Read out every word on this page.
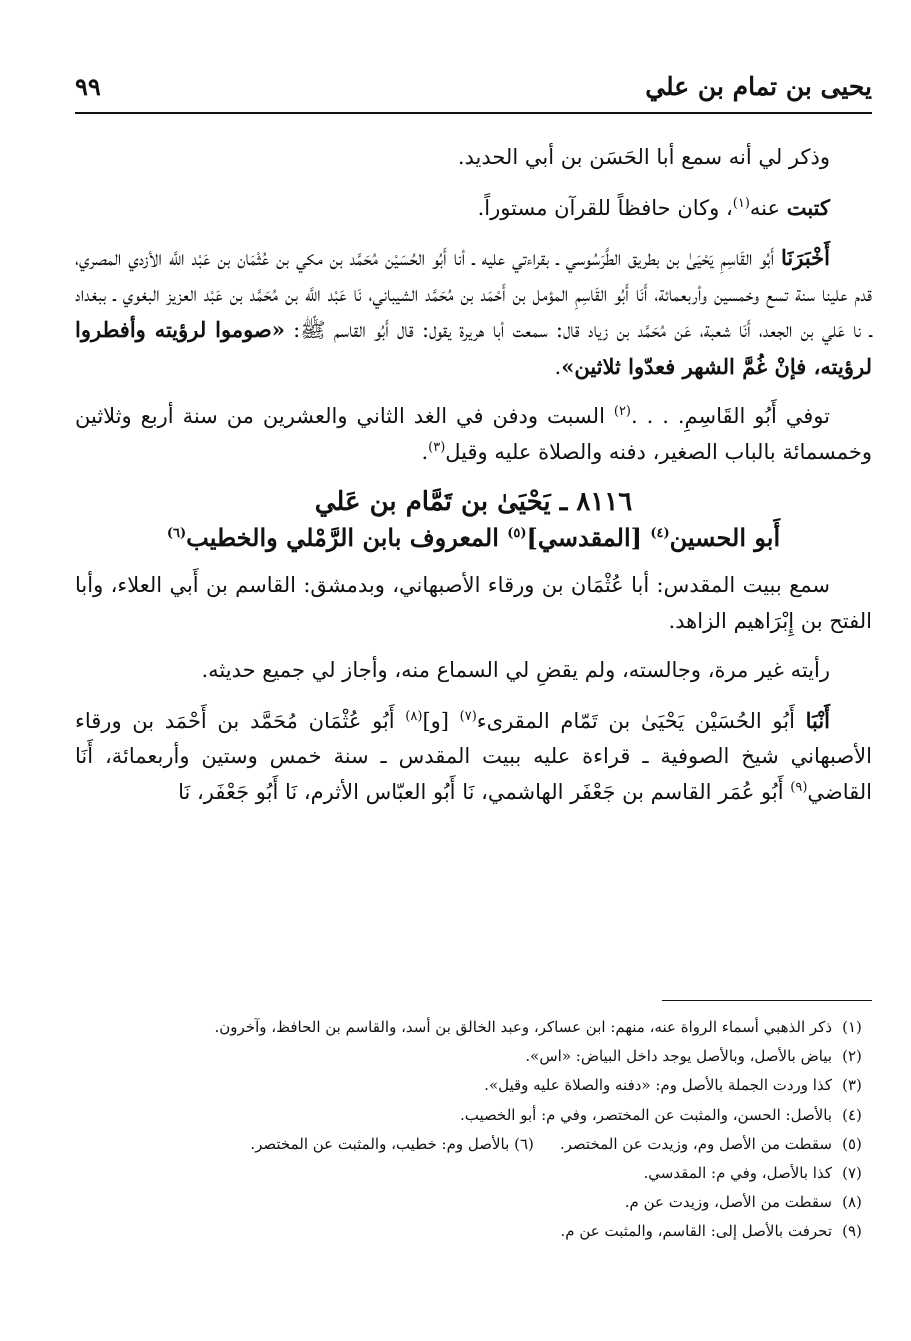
يحيى بن تمام بن علي
٩٩

وذكر لي أنه سمع أبا الحَسَن بن أبي الحديد.

كتبت عنه$^{(١)}$، وكان حافظاً للقرآن مستوراً.

أَخْبَرَنَا أَبُو القَاسِمِ يَحْيَىٰ بن بطريق الطَّرَسُوسي ـ بقراءتي عليه ـ أنا أَبُو الحُسَيْن مُحَمَّد بن مكي بن عُثْمَان بن عَبْد اللَّه الأزدي المصري، قدم علينا سنة تسع وخمسين وأربعمائة، أَنَا أَبُو القَاسِمِ المؤمل بن أَحْمَد بن مُحَمَّد الشيباني، نَا عَبْد اللَّه بن مُحَمَّد بن عَبْد العزيز البغوي ـ ببغداد ـ نا عَلي بن الجعد، أَنَا شعبة، عَن مُحَمَّد بن زياد قال: سمعت أبا هريرة يقول: قال أَبُو القاسم ﷺ: «صوموا لرؤيته وأفطروا لرؤيته، فإنْ غُمَّ الشهر فعدّوا ثلاثين».

توفي أَبُو القَاسِمِ. . . .$^{(٢)}$ السبت ودفن في الغد الثاني والعشرين من سنة أربع وثلاثين وخمسمائة بالباب الصغير، دفنه والصلاة عليه وقيل$^{(٣)}$.

٨١١٦ ـ يَحْيَىٰ بن تَمَّام بن عَلي
أَبو الحسين$^{(٤)}$ [المقدسي]$^{(٥)}$ المعروف بابن الرَّمْلي والخطيب$^{(٦)}$

سمع ببيت المقدس: أبا عُثْمَان بن ورقاء الأصبهاني، وبدمشق: القاسم بن أَبي العلاء، وأبا الفتح بن إِبْرَاهيم الزاهد.

رأيته غير مرة، وجالسته، ولم يقضِ لي السماع منه، وأجاز لي جميع حديثه.

أَنْبَا أَبُو الحُسَيْن يَحْيَىٰ بن تَمّام المقرىء$^{(٧)}$ [و]$^{(٨)}$ أَبُو عُثْمَان مُحَمَّد بن أَحْمَد بن ورقاء الأصبهاني شيخ الصوفية ـ قراءة عليه ببيت المقدس ـ سنة خمس وستين وأربعمائة، أَنَا القاضي$^{(٩)}$ أَبُو عُمَر القاسم بن جَعْفَر الهاشمي، نَا أَبُو العبّاس الأثرم، نَا أَبُو جَعْفَر، نَا

(١)ذكر الذهبي أسماء الرواة عنه، منهم: ابن عساكر، وعبد الخالق بن أسد، والقاسم بن الحافظ، وآخرون.
(٢)بياض بالأصل، وبالأصل يوجد داخل البياض: «اس».
(٣)كذا وردت الجملة بالأصل وم: «دفنه والصلاة عليه وقيل».
(٤)بالأصل: الحسن، والمثبت عن المختصر، وفي م: أبو الخصيب.
(٥)سقطت من الأصل وم، وزيدت عن المختصر.(٦) بالأصل وم: خطيب، والمثبت عن المختصر.
(٧)كذا بالأصل، وفي م: المقدسي.
(٨)سقطت من الأصل، وزيدت عن م.
(٩)تحرفت بالأصل إلى: القاسم، والمثبت عن م.
